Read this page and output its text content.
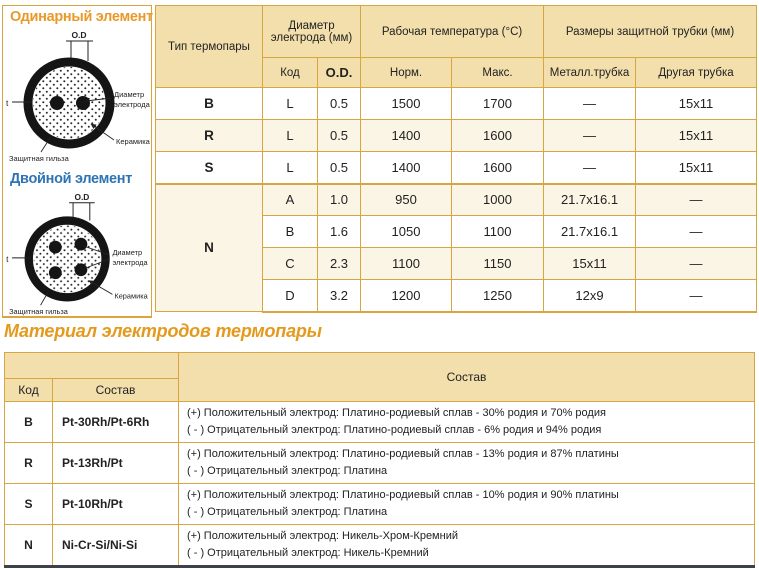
Одинарный элемент
O.D
t
Диаметр
электрода
Керамика
Защитная гильза
Двойной элемент
O.D
t
Диаметр
электрода
Керамика
Защитная гильза
Тип термопары	Диаметр электрода (мм)		Рабочая температура (°C)		Размеры защитной трубки (мм)	
	Код	O.D.	Норм.	Макс.	Металл.трубка	Другая трубка
B	L	0.5	1500	1700	—	15x11
R	L	0.5	1400	1600	—	15x11
S	L	0.5	1400	1600	—	15x11
N	A	1.0	950	1000	21.7x16.1	—
	B	1.6	1050	1100	21.7x16.1	—
	C	2.3	1100	1150	15x11	—
	D	3.2	1200	1250	12x9	—
Материал электродов термопары
		Состав
Код	Состав	
B	Pt-30Rh/Pt-6Rh	(+) Положительный электрод: Платино-родиевый сплав - 30% родия и 70% родия
( - ) Отрицательный электрод: Платино-родиевый сплав - 6% родия и 94% родия

R	Pt-13Rh/Pt	(+) Положительный электрод: Платино-родиевый сплав - 13% родия и 87% платины
( - ) Отрицательный электрод: Платина

S	Pt-10Rh/Pt	(+) Положительный электрод: Платино-родиевый сплав - 10% родия и 90% платины
( - ) Отрицательный электрод: Платина

N	Ni-Cr-Si/Ni-Si	(+) Положительный электрод: Никель-Хром-Кремний
( - ) Отрицательный электрод: Никель-Кремний
